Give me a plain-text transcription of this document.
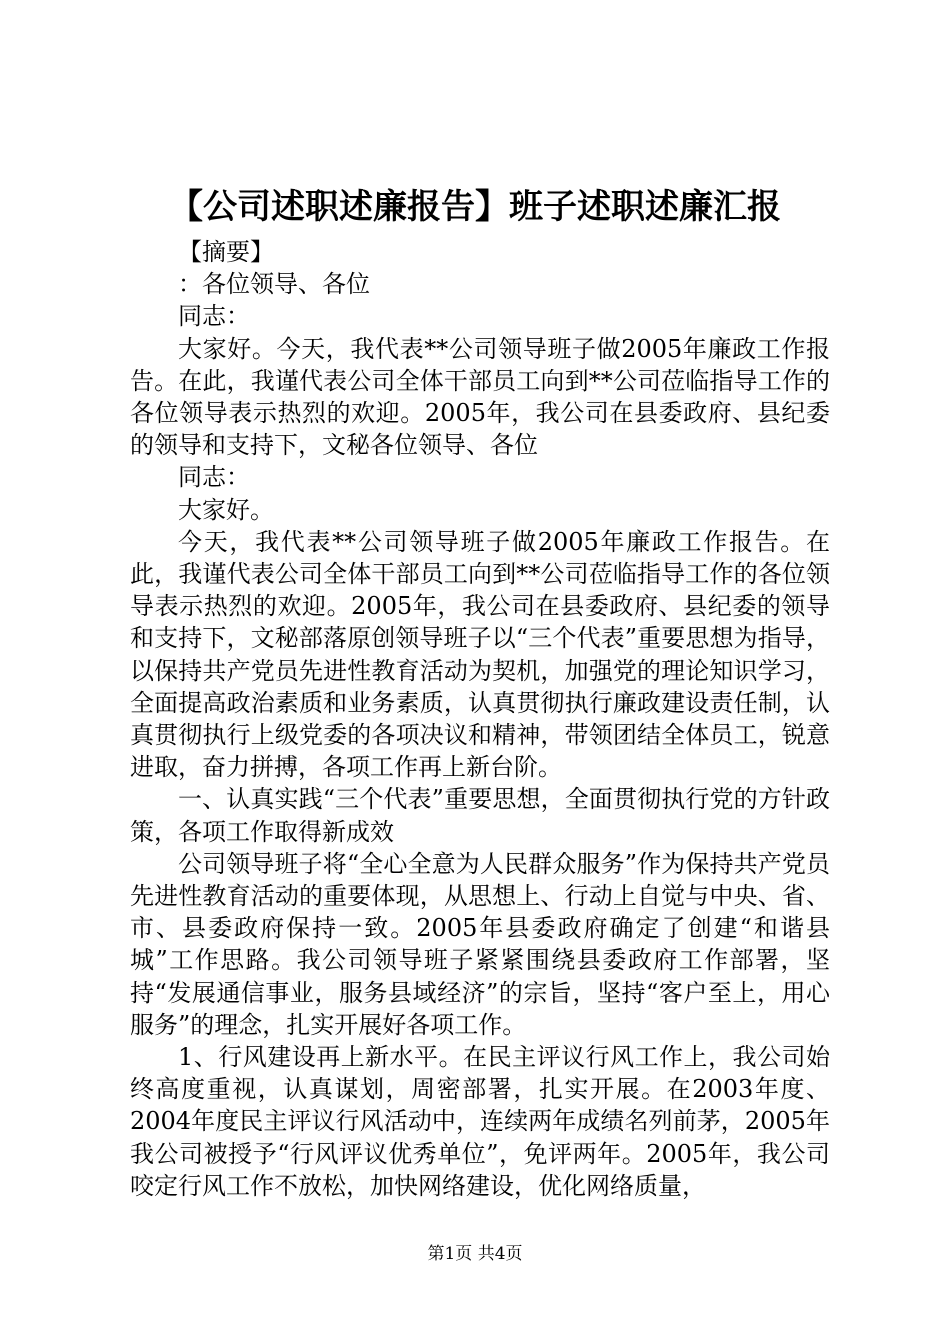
【公司述职述廉报告】班子述职述廉汇报

【摘要】

：各位领导、各位

同志：

大家好。今天，我代表**公司领导班子做2005年廉政工作报告。在此，我谨代表公司全体干部员工向到**公司莅临指导工作的各位领导表示热烈的欢迎。2005年，我公司在县委政府、县纪委的领导和支持下，文秘各位领导、各位

同志：

大家好。

今天，我代表**公司领导班子做2005年廉政工作报告。在此，我谨代表公司全体干部员工向到**公司莅临指导工作的各位领导表示热烈的欢迎。2005年，我公司在县委政府、县纪委的领导和支持下，文秘部落原创领导班子以“三个代表”重要思想为指导，以保持共产党员先进性教育活动为契机，加强党的理论知识学习，全面提高政治素质和业务素质，认真贯彻执行廉政建设责任制，认真贯彻执行上级党委的各项决议和精神，带领团结全体员工，锐意进取，奋力拼搏，各项工作再上新台阶。

一、认真实践“三个代表”重要思想，全面贯彻执行党的方针政策，各项工作取得新成效

公司领导班子将“全心全意为人民群众服务”作为保持共产党员先进性教育活动的重要体现，从思想上、行动上自觉与中央、省、市、县委政府保持一致。2005年县委政府确定了创建“和谐县城”工作思路。我公司领导班子紧紧围绕县委政府工作部署，坚持“发展通信事业，服务县域经济”的宗旨，坚持“客户至上，用心服务”的理念，扎实开展好各项工作。

1、行风建设再上新水平。在民主评议行风工作上，我公司始终高度重视，认真谋划，周密部署，扎实开展。在2003年度、2004年度民主评议行风活动中，连续两年成绩名列前茅，2005年我公司被授予“行风评议优秀单位”，免评两年。2005年，我公司咬定行风工作不放松，加快网络建设，优化网络质量，

第1页 共4页
